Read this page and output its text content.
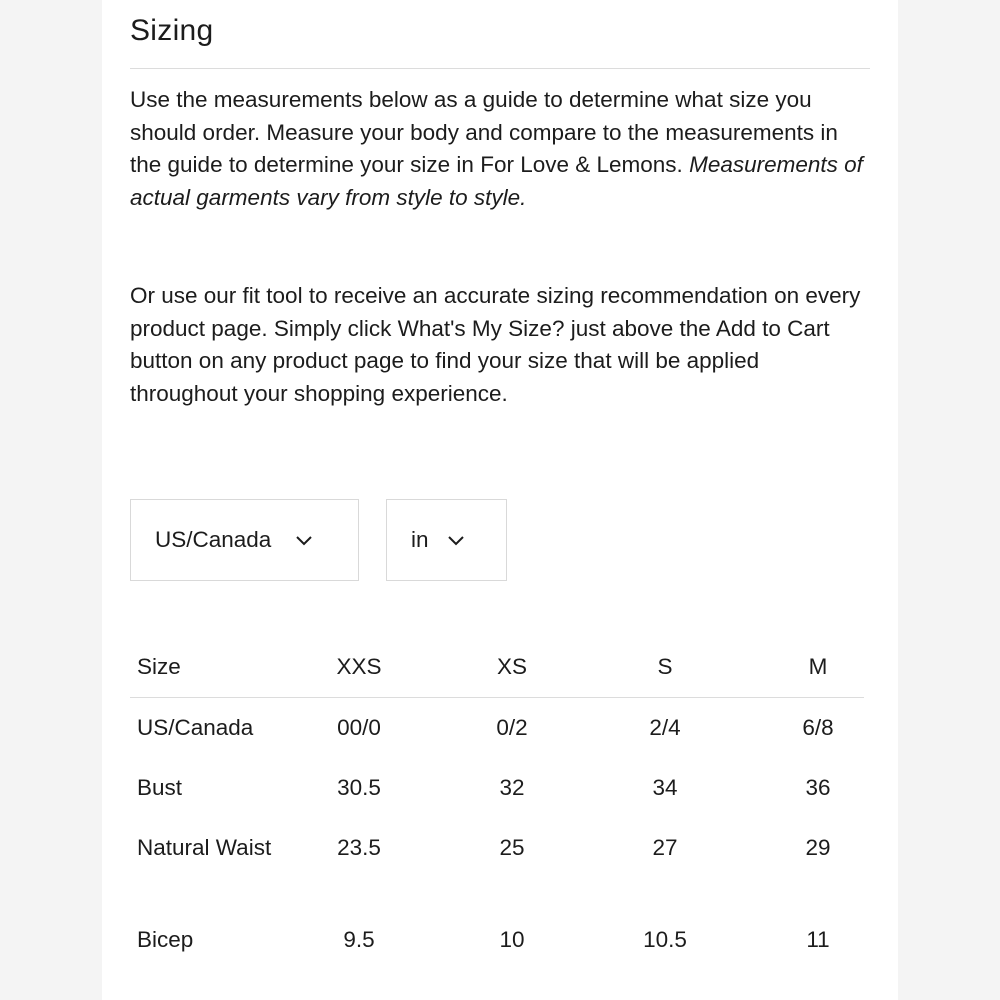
Sizing

Use the measurements below as a guide to determine what size you should order. Measure your body and compare to the measurements in the guide to determine your size in For Love & Lemons. Measurements of actual garments vary from style to style.

Or use our fit tool to receive an accurate sizing recommendation on every product page. Simply click What's My Size? just above the Add to Cart button on any product page to find your size that will be applied throughout your shopping experience.

US/Canada	in
Size	XXS	XS	S	M
US/Canada	00/0	0/2	2/4	6/8
Bust	30.5	32	34	36
Natural Waist	23.5	25	27	29
Bicep	9.5	10	10.5	11
